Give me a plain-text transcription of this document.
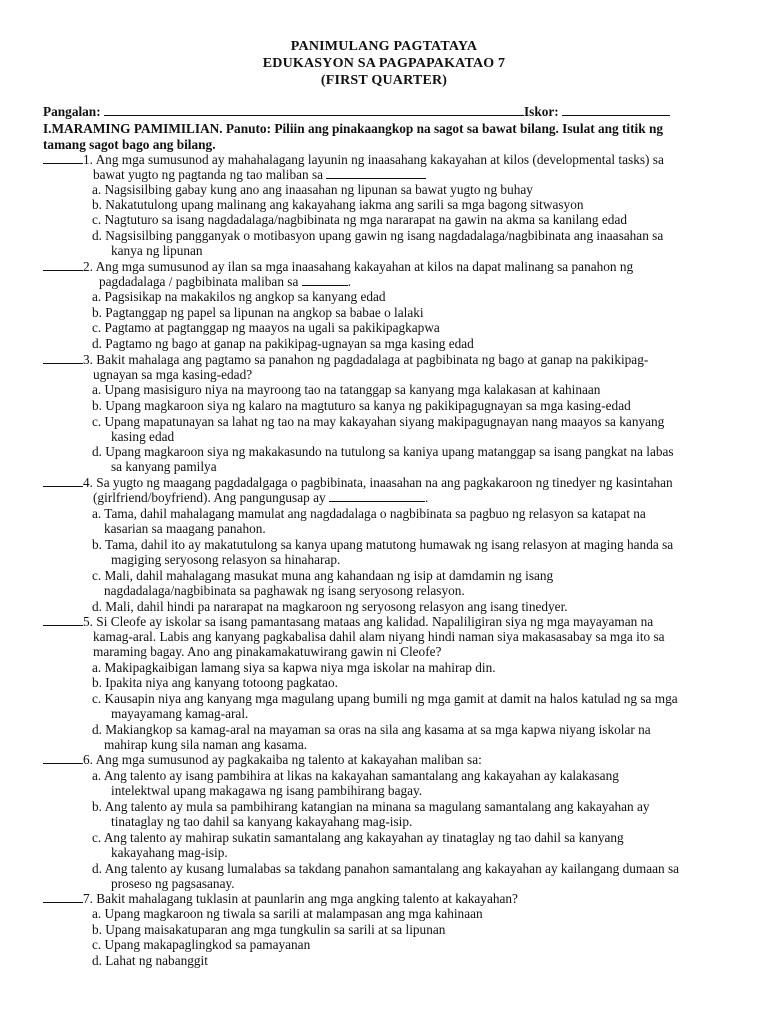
PANIMULANG PAGTATAYA
EDUKASYON SA PAGPAPAKATAO 7
(FIRST QUARTER)
Pangalan:	Iskor:
I.MARAMING PAMIMILIAN. Panuto: Piliin ang pinakaangkop na sagot sa bawat bilang. Isulat ang titik ng
tamang sagot bago ang bilang.
1. Ang mga sumusunod ay mahahalagang layunin ng inaasahang kakayahan at kilos (developmental tasks) sa
bawat yugto ng pagtanda ng tao maliban sa
a. Nagsisilbing gabay kung ano ang inaasahan ng lipunan sa bawat yugto ng buhay
b. Nakatutulong upang malinang ang kakayahang iakma ang sarili sa mga bagong sitwasyon
c. Nagtuturo sa isang nagdadalaga/nagbibinata ng mga nararapat na gawin na akma sa kanilang edad
d. Nagsisilbing pangganyak o motibasyon upang gawin ng isang nagdadalaga/nagbibinata ang inaasahan sa
kanya ng lipunan
2. Ang mga sumusunod ay ilan sa mga inaasahang kakayahan at kilos na dapat malinang sa panahon ng
pagdadalaga / pagbibinata maliban sa	.
a. Pagsisikap na makakilos ng angkop sa kanyang edad
b. Pagtanggap ng papel sa lipunan na angkop sa babae o lalaki
c. Pagtamo at pagtanggap ng maayos na ugali sa pakikipagkapwa
d. Pagtamo ng bago at ganap na pakikipag-ugnayan sa mga kasing edad
3. Bakit mahalaga ang pagtamo sa panahon ng pagdadalaga at pagbibinata ng bago at ganap na pakikipag-
ugnayan sa mga kasing-edad?
a. Upang masisiguro niya na mayroong tao na tatanggap sa kanyang mga kalakasan at kahinaan
b. Upang magkaroon siya ng kalaro na magtuturo sa kanya ng pakikipagugnayan sa mga kasing-edad
c. Upang mapatunayan sa lahat ng tao na may kakayahan siyang makipagugnayan nang maayos sa kanyang
kasing edad
d. Upang magkaroon siya ng makakasundo na tutulong sa kaniya upang matanggap sa isang pangkat na labas
sa kanyang pamilya
4. Sa yugto ng maagang pagdadalgaga o pagbibinata, inaasahan na ang pagkakaroon ng tinedyer ng kasintahan
(girlfriend/boyfriend). Ang pangungusap ay	.
a. Tama, dahil mahalagang mamulat ang nagdadalaga o nagbibinata sa pagbuo ng relasyon sa katapat na
kasarian sa maagang panahon.
b. Tama, dahil ito ay makatutulong sa kanya upang matutong humawak ng isang relasyon at maging handa sa
magiging seryosong relasyon sa hinaharap.
c. Mali, dahil mahalagang masukat muna ang kahandaan ng isip at damdamin ng isang
nagdadalaga/nagbibinata sa paghawak ng isang seryosong relasyon.
d. Mali, dahil hindi pa nararapat na magkaroon ng seryosong relasyon ang isang tinedyer.
5. Si Cleofe ay iskolar sa isang pamantasang mataas ang kalidad. Napaliligiran siya ng mga mayayaman na
kamag-aral. Labis ang kanyang pagkabalisa dahil alam niyang hindi naman siya makasasabay sa mga ito sa
maraming bagay. Ano ang pinakamakatuwirang gawin ni Cleofe?
a. Makipagkaibigan lamang siya sa kapwa niya mga iskolar na mahirap din.
b. Ipakita niya ang kanyang totoong pagkatao.
c. Kausapin niya ang kanyang mga magulang upang bumili ng mga gamit at damit na halos katulad ng sa mga
mayayamang kamag-aral.
d. Makiangkop sa kamag-aral na mayaman sa oras na sila ang kasama at sa mga kapwa niyang iskolar na
mahirap kung sila naman ang kasama.
6. Ang mga sumusunod ay pagkakaiba ng talento at kakayahan maliban sa:
a. Ang talento ay isang pambihira at likas na kakayahan samantalang ang kakayahan ay kalakasang
intelektwal upang makagawa ng isang pambihirang bagay.
b. Ang talento ay mula sa pambihirang katangian na minana sa magulang samantalang ang kakayahan ay
tinataglay ng tao dahil sa kanyang kakayahang mag-isip.
c. Ang talento ay mahirap sukatin samantalang ang kakayahan ay tinataglay ng tao dahil sa kanyang
kakayahang mag-isip.
d. Ang talento ay kusang lumalabas sa takdang panahon samantalang ang kakayahan ay kailangang dumaan sa
proseso ng pagsasanay.
7. Bakit mahalagang tuklasin at paunlarin ang mga angking talento at kakayahan?
a. Upang magkaroon ng tiwala sa sarili at malampasan ang mga kahinaan
b. Upang maisakatuparan ang mga tungkulin sa sarili at sa lipunan
c. Upang makapaglingkod sa pamayanan
d. Lahat ng nabanggit
